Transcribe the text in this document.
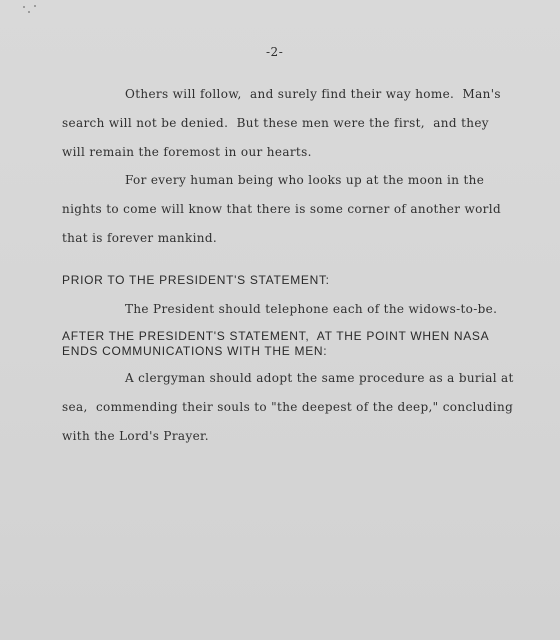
-2-
Others will follow,  and surely find their way home.  Man's
search will not be denied.  But these men were the first,  and they
will remain the foremost in our hearts.
For every human being who looks up at the moon in the
nights to come will know that there is some corner of another world
that is forever mankind.
PRIOR TO THE PRESIDENT'S STATEMENT:
The President should telephone each of the widows-to-be.
AFTER THE PRESIDENT'S STATEMENT,  AT THE POINT WHEN NASA
ENDS COMMUNICATIONS WITH THE MEN:
A clergyman should adopt the same procedure as a burial at
sea,  commending their souls to "the deepest of the deep," concluding
with the Lord's Prayer.
